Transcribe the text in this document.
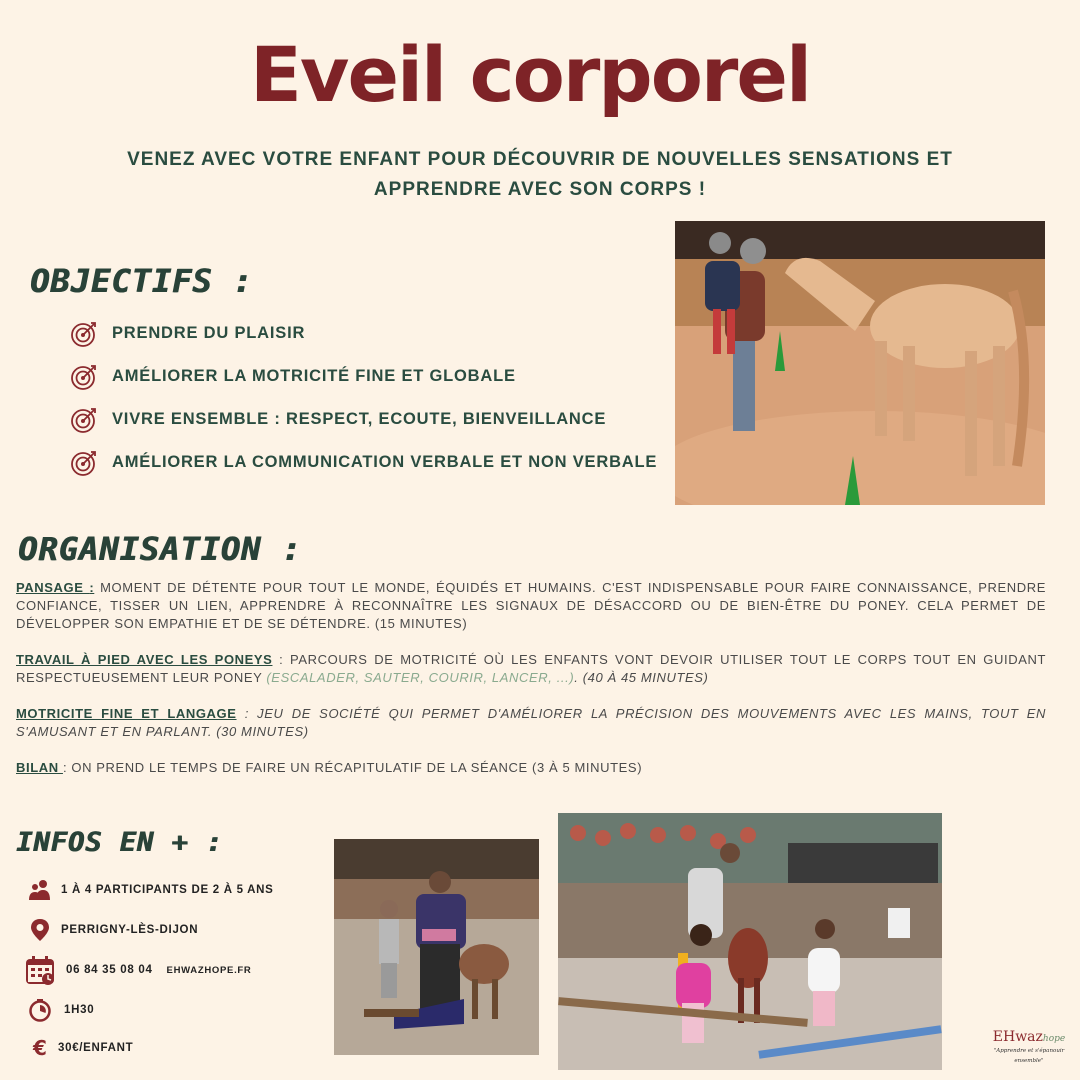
Eveil corporel
VENEZ AVEC VOTRE ENFANT POUR DÉCOUVRIR DE NOUVELLES SENSATIONS ET
APPRENDRE AVEC SON CORPS !
OBJECTIFS :
PRENDRE DU PLAISIR
AMÉLIORER LA MOTRICITÉ FINE ET GLOBALE
VIVRE ENSEMBLE : RESPECT, ECOUTE, BIENVEILLANCE
AMÉLIORER LA COMMUNICATION VERBALE ET NON VERBALE
ORGANISATION :
PANSAGE : MOMENT DE DÉTENTE POUR TOUT LE MONDE, ÉQUIDÉS ET HUMAINS. C'EST INDISPENSABLE POUR FAIRE CONNAISSANCE, PRENDRE CONFIANCE, TISSER UN LIEN, APPRENDRE À RECONNAÎTRE LES SIGNAUX DE DÉSACCORD OU DE BIEN-ÊTRE DU PONEY. CELA PERMET DE DÉVELOPPER SON EMPATHIE ET DE SE DÉTENDRE. (15 MINUTES)
TRAVAIL À PIED AVEC LES PONEYS : PARCOURS DE MOTRICITÉ OÙ LES ENFANTS VONT DEVOIR UTILISER TOUT LE CORPS TOUT EN GUIDANT RESPECTUEUSEMENT LEUR PONEY (ESCALADER, SAUTER, COURIR, LANCER, ...). (40 À 45 MINUTES)
MOTRICITE FINE ET LANGAGE : JEU DE SOCIÉTÉ QUI PERMET D'AMÉLIORER LA PRÉCISION DES MOUVEMENTS AVEC LES MAINS, TOUT EN S'AMUSANT ET EN PARLANT. (30 MINUTES)
BILAN : ON PREND LE TEMPS DE FAIRE UN RÉCAPITULATIF DE LA SÉANCE (3 À 5 MINUTES)
INFOS EN + :
1 À 4 PARTICIPANTS DE 2 À 5 ANS
PERRIGNY-LÈS-DIJON
06 84 35 08 04 EHWAZHOPE.FR
1H30
€ 30€/ENFANT
EHwazhope
"Apprendre et s'épanouir ensemble"
